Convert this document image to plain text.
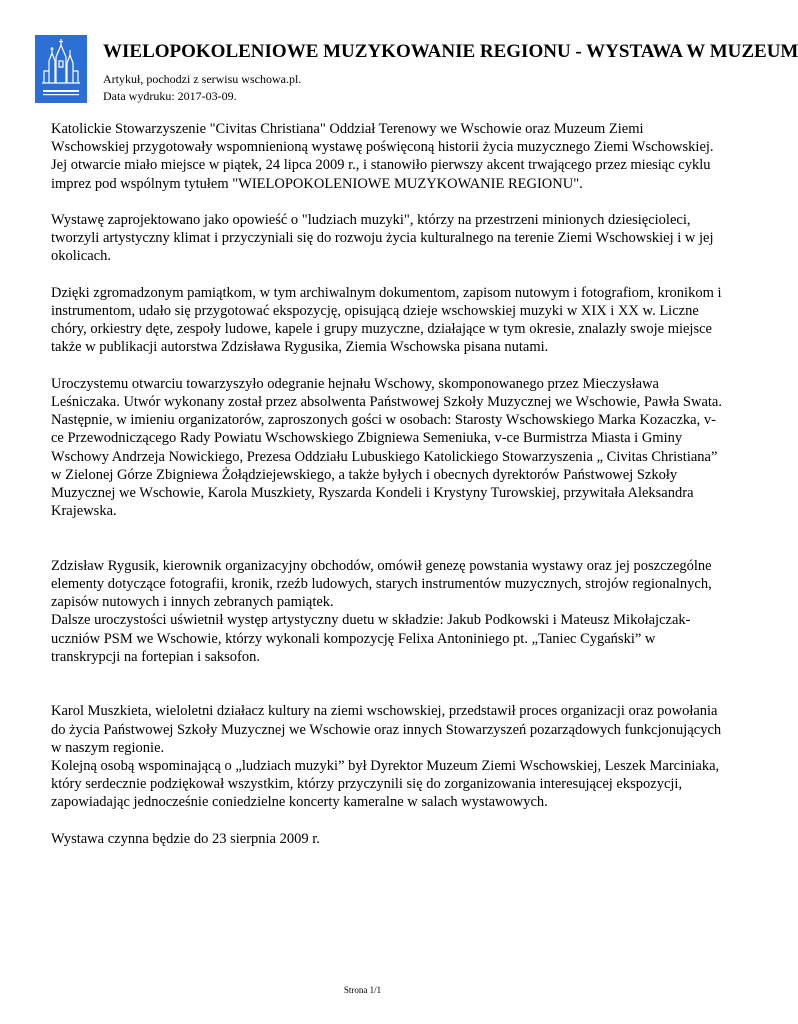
WIELOPOKOLENIOWE MUZYKOWANIE REGIONU - WYSTAWA W MUZEUM
Artykuł, pochodzi z serwisu wschowa.pl.
Data wydruku: 2017-03-09.

Katolickie Stowarzyszenie "Civitas Christiana" Oddział Terenowy we Wschowie oraz Muzeum Ziemi Wschowskiej przygotowały wspomnienioną wystawę poświęconą historii życia muzycznego Ziemi Wschowskiej. Jej otwarcie miało miejsce w piątek, 24 lipca 2009 r., i stanowiło pierwszy akcent trwającego przez miesiąc cyklu imprez pod wspólnym tytułem "WIELOPOKOLENIOWE MUZYKOWANIE REGIONU".

Wystawę zaprojektowano jako opowieść o "ludziach muzyki", którzy na przestrzeni minionych dziesięcioleci, tworzyli artystyczny klimat i przyczyniali się do rozwoju życia kulturalnego na terenie Ziemi Wschowskiej i w jej okolicach.

Dzięki zgromadzonym pamiątkom, w tym archiwalnym dokumentom, zapisom nutowym i fotografiom, kronikom i instrumentom, udało się przygotować ekspozycję, opisującą dzieje wschowskiej muzyki w XIX i XX w. Liczne chóry, orkiestry dęte, zespoły ludowe, kapele i grupy muzyczne, działające w tym okresie, znalazły swoje miejsce także w publikacji autorstwa Zdzisława Rygusika, Ziemia Wschowska pisana nutami.

Uroczystemu otwarciu towarzyszyło odegranie hejnału Wschowy, skomponowanego przez Mieczysława Leśniczaka. Utwór wykonany został przez absolwenta Państwowej Szkoły Muzycznej we Wschowie, Pawła Swata. Następnie, w imieniu organizatorów, zaproszonych gości w osobach: Starosty Wschowskiego Marka Kozaczka, v-ce Przewodniczącego Rady Powiatu Wschowskiego Zbigniewa Semeniuka, v-ce Burmistrza Miasta i Gminy Wschowy Andrzeja Nowickiego, Prezesa Oddziału Lubuskiego Katolickiego Stowarzyszenia „ Civitas Christiana” w Zielonej Górze Zbigniewa Żołądziejewskiego, a także byłych i obecnych dyrektorów Państwowej Szkoły Muzycznej we Wschowie, Karola Muszkiety, Ryszarda Kondeli i Krystyny Turowskiej, przywitała Aleksandra Krajewska.

Zdzisław Rygusik, kierownik organizacyjny obchodów, omówił genezę powstania wystawy oraz jej poszczególne elementy dotyczące fotografii, kronik, rzeźb ludowych, starych instrumentów muzycznych, strojów regionalnych, zapisów nutowych i innych zebranych pamiątek.

Dalsze uroczystości uświetnił występ artystyczny duetu w składzie: Jakub Podkowski i Mateusz Mikołajczak- uczniów PSM we Wschowie, którzy wykonali kompozycję Felixa Antoniniego pt. „Taniec Cygański” w transkrypcji na fortepian i saksofon.

Karol Muszkieta, wieloletni działacz kultury na ziemi wschowskiej, przedstawił proces organizacji oraz powołania do życia Państwowej Szkoły Muzycznej we Wschowie oraz innych Stowarzyszeń pozarządowych funkcjonujących w naszym regionie.

Kolejną osobą wspominającą o „ludziach muzyki” był Dyrektor Muzeum Ziemi Wschowskiej, Leszek Marciniaka, który serdecznie podziękował wszystkim, którzy przyczynili się do zorganizowania interesującej ekspozycji, zapowiadając jednocześnie coniedzielne koncerty kameralne w salach wystawowych.

Wystawa czynna będzie do 23 sierpnia 2009 r.

Strona 1/1
